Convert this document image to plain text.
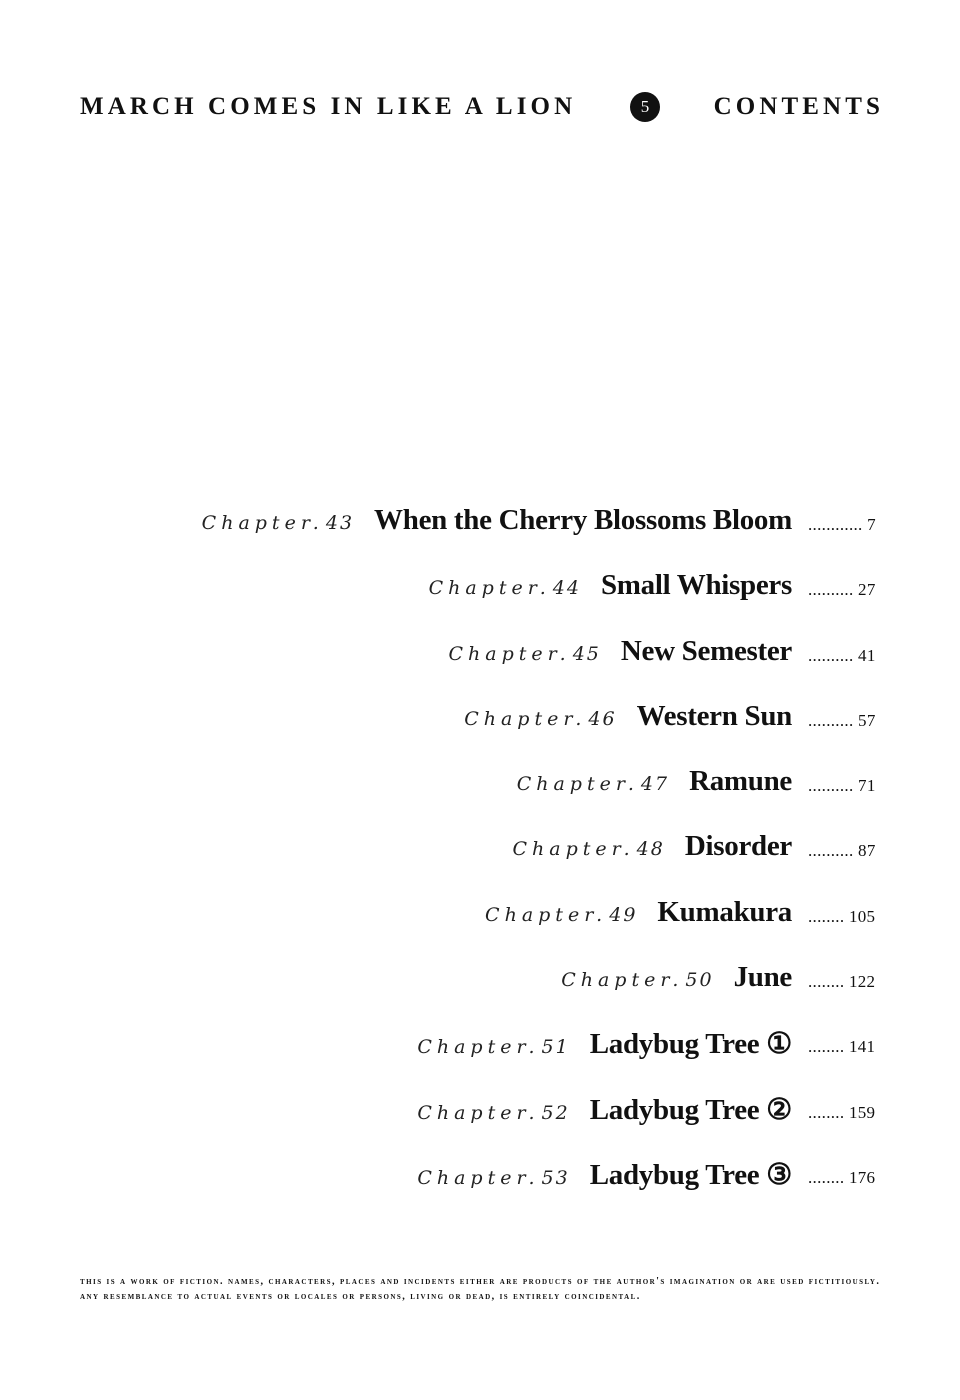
MARCH COMES IN LIKE A LION	5	CONTENTS
Chapter. 43 When the Cherry Blossoms Bloom ............ 7
Chapter. 44 Small Whispers .......... 27
Chapter. 45 New Semester .......... 41
Chapter. 46 Western Sun .......... 57
Chapter. 47 Ramune .......... 71
Chapter. 48 Disorder .......... 87
Chapter. 49 Kumakura ........ 105
Chapter. 50 June ........ 122
Chapter. 51 Ladybug Tree ① ........ 141
Chapter. 52 Ladybug Tree ② ........ 159
Chapter. 53 Ladybug Tree ③ ........ 176
this is a work of fiction. names, characters, places and incidents either are products of the author's imagination or are used fictitiously. any resemblance to actual events or locales or persons, living or dead, is entirely coincidental.
